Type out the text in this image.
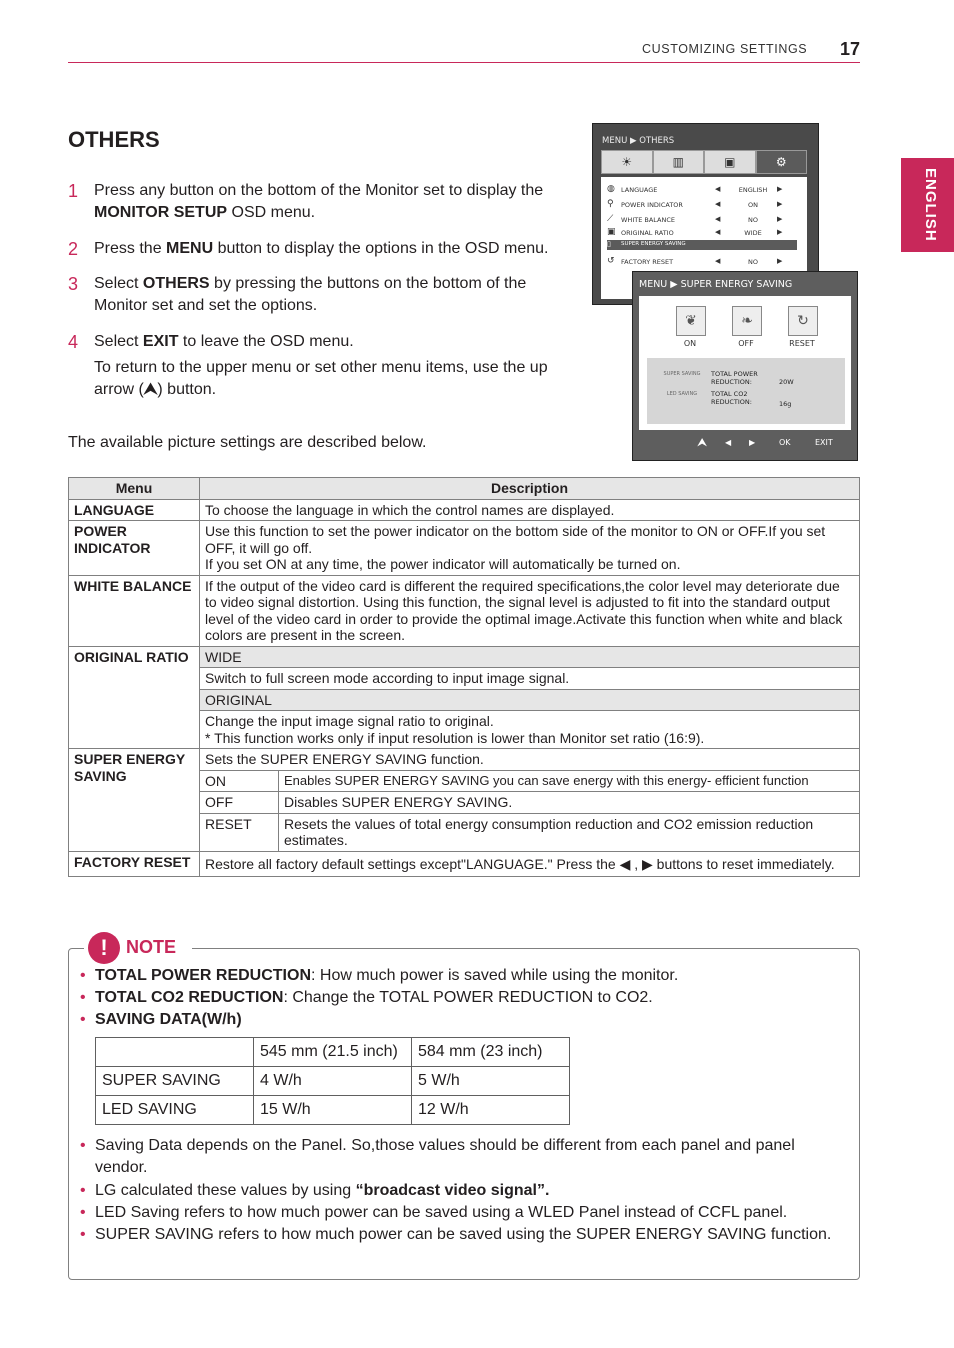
CUSTOMIZING SETTINGS 17
ENGLISH
OTHERS
1 Press any button on the bottom of the Monitor set to display the MONITOR SETUP OSD menu.
2 Press the MENU button to display the options in the OSD menu.
3 Select OTHERS by pressing the buttons on the bottom of the Monitor set and set the options.
4 Select EXIT to leave the OSD menu.

To return to the upper menu or set other menu items, use the up arrow (⮝) button.

The available picture settings are described below.
MENU ▶ OTHERS
☀	▥	▣	⚙
◍ LANGUAGE	◀	ENGLISH	▶
⚲ POWER INDICATOR	◀	ON	▶
⟋ WHITE BALANCE	◀	NO	▶
▣ ORIGINAL RATIO	◀	WIDE	▶
▯ SUPER ENERGY SAVING
↺ FACTORY RESET	◀	NO	▶
MENU ▶ SUPER ENERGY SAVING
❦
ON
❧
OFF
↻
RESET
SUPER SAVING
LED SAVING
TOTAL POWER
REDUCTION:	20W
TOTAL CO2
REDUCTION:	16g
⮝ ◀ ▶	OK	EXIT
Menu	Description	
LANGUAGE	To choose the language in which the control names are displayed.	
POWER INDICATOR	Use this function to set the power indicator on the bottom side of the monitor to ON or OFF.If you set OFF, it will go off.
If you set ON at any time, the power indicator will automatically be turned on.	

WHITE BALANCE	If the output of the video card is different the required specifications,the color level may deteriorate due to video signal distortion. Using this function, the signal level is adjusted to fit into the standard output level of the video card in order to provide the optimal image.Activate this function when white and black colors are present in the screen.	
ORIGINAL RATIO	WIDE	
	Switch to full screen mode according to input image signal.	
	ORIGINAL	

	Change the input image signal ratio to original.
* This function works only if input resolution is lower than Monitor set ratio (16:9).	

SUPER ENERGY SAVING	Sets the SUPER ENERGY SAVING function.	
	ON	Enables SUPER ENERGY SAVING you can save energy with this energy- efficient function
	OFF	Disables SUPER ENERGY SAVING.
	RESET	Resets the values of total energy consumption reduction and CO2 emission reduction estimates.
FACTORY RESET	Restore all factory default settings except"LANGUAGE." Press the ◀ , ▶ buttons to reset immediately.	
!	NOTE
• TOTAL POWER REDUCTION: How much power is saved while using the monitor.
• TOTAL CO2 REDUCTION: Change the TOTAL POWER REDUCTION to CO2.
• SAVING DATA(W/h)
	545 mm (21.5 inch)	584 mm (23 inch)
SUPER SAVING	4 W/h	5 W/h
LED SAVING	15 W/h	12 W/h
• Saving Data depends on the Panel. So,those values should be different from each panel and panel vendor.
• LG calculated these values by using “broadcast video signal”.
• LED Saving refers to how much power can be saved using a WLED Panel instead of CCFL panel.
• SUPER SAVING refers to how much power can be saved using the SUPER ENERGY SAVING function.
